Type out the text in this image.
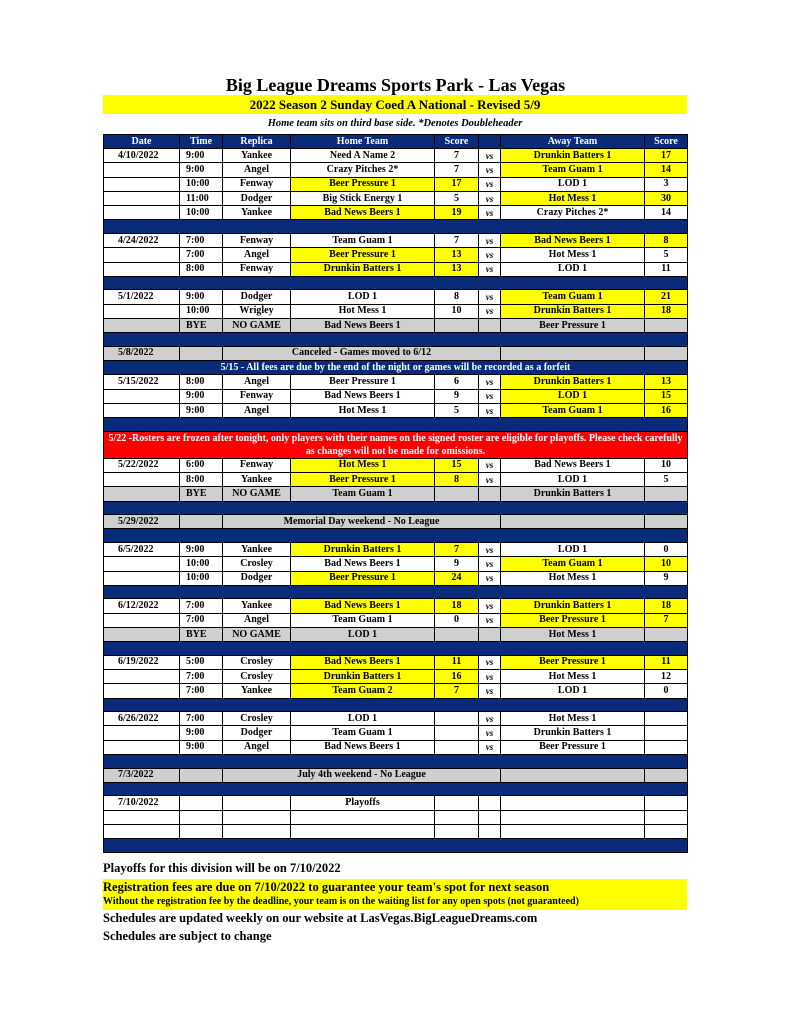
Big League Dreams Sports Park - Las Vegas
2022 Season 2 Sunday Coed A National - Revised 5/9
Home team sits on third base side. *Denotes Doubleheader
Date	Time	Replica	Home Team	Score		Away Team	Score
4/10/2022	9:00	Yankee	Need A Name 2	7	vs	Drunkin Batters 1	17
	9:00	Angel	Crazy Pitches 2*	7	vs	Team Guam 1	14
	10:00	Fenway	Beer Pressure 1	17	vs	LOD 1	3
	11:00	Dodger	Big Stick Energy 1	5	vs	Hot Mess 1	30
	10:00	Yankee	Bad News Beers 1	19	vs	Crazy Pitches 2*	14

4/24/2022	7:00	Fenway	Team Guam 1	7	vs	Bad News Beers 1	8
	7:00	Angel	Beer Pressure 1	13	vs	Hot Mess 1	5
	8:00	Fenway	Drunkin Batters 1	13	vs	LOD 1	11

5/1/2022	9:00	Dodger	LOD 1	8	vs	Team Guam 1	21
	10:00	Wrigley	Hot Mess 1	10	vs	Drunkin Batters 1	18
	BYE	NO GAME	Bad News Beers 1			Beer Pressure 1	

5/8/2022		Canceled - Games moved to 6/12					
5/15 - All fees are due by the end of the night or games will be recorded as a forfeit							
5/15/2022	8:00	Angel	Beer Pressure 1	6	vs	Drunkin Batters 1	13
	9:00	Fenway	Bad News Beers 1	9	vs	LOD 1	15
	9:00	Angel	Hot Mess 1	5	vs	Team Guam 1	16

5/22 -Rosters are frozen after tonight, only players with their names on the signed roster are eligible for playoffs. Please check carefully as changes will not be made for omissions.							
5/22/2022	6:00	Fenway	Hot Mess 1	15	vs	Bad News Beers 1	10
	8:00	Yankee	Beer Pressure 1	8	vs	LOD 1	5
	BYE	NO GAME	Team Guam 1			Drunkin Batters 1	

5/29/2022		Memorial Day weekend - No League					

6/5/2022	9:00	Yankee	Drunkin Batters 1	7	vs	LOD 1	0
	10:00	Crosley	Bad News Beers 1	9	vs	Team Guam 1	10
	10:00	Dodger	Beer Pressure 1	24	vs	Hot Mess 1	9

6/12/2022	7:00	Yankee	Bad News Beers 1	18	vs	Drunkin Batters 1	18
	7:00	Angel	Team Guam 1	0	vs	Beer Pressure 1	7
	BYE	NO GAME	LOD 1			Hot Mess 1	

6/19/2022	5:00	Crosley	Bad News Beers 1	11	vs	Beer Pressure 1	11
	7:00	Crosley	Drunkin Batters 1	16	vs	Hot Mess 1	12
	7:00	Yankee	Team Guam 2	7	vs	LOD 1	0

6/26/2022	7:00	Crosley	LOD 1		vs	Hot Mess 1	
	9:00	Dodger	Team Guam 1		vs	Drunkin Batters 1	
	9:00	Angel	Bad News Beers 1		vs	Beer Pressure 1	

7/3/2022		July 4th weekend - No League					

7/10/2022			Playoffs				

Playoffs for this division will be on 7/10/2022
Registration fees are due on 7/10/2022 to guarantee your team's spot for next season
Without the registration fee by the deadline, your team is on the waiting list for any open spots (not guaranteed)
Schedules are updated weekly on our website at LasVegas.BigLeagueDreams.com
Schedules are subject to change
